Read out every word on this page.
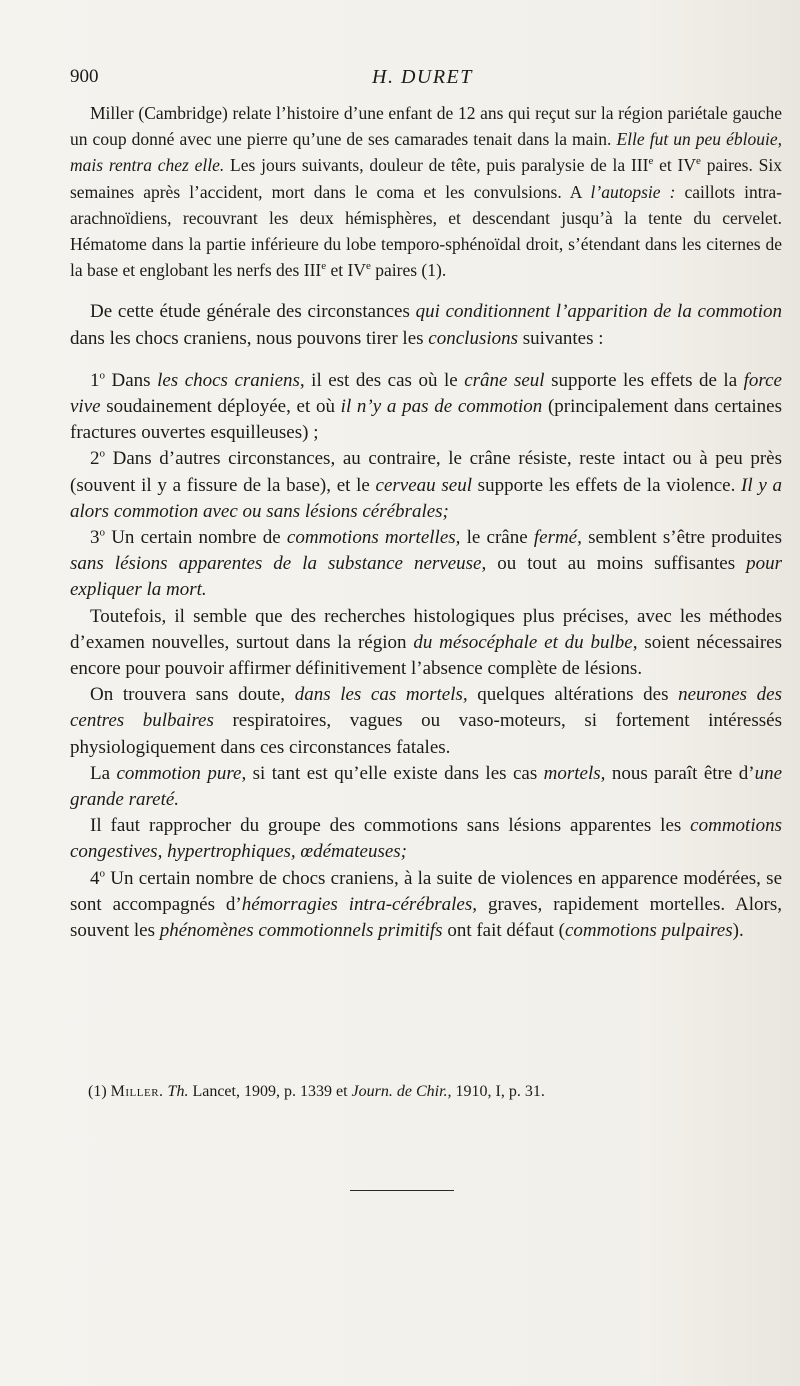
900	H. DURET

Miller (Cambridge) relate l’histoire d’une enfant de 12 ans qui reçut sur la région pariétale gauche un coup donné avec une pierre qu’une de ses camarades tenait dans la main. Elle fut un peu éblouie, mais rentra chez elle. Les jours suivants, douleur de tête, puis paralysie de la IIIe et IVe paires. Six semaines après l’accident, mort dans le coma et les convulsions. A l’autopsie : caillots intra-arachnoïdiens, recouvrant les deux hémisphères, et descendant jusqu’à la tente du cervelet. Hématome dans la partie inférieure du lobe temporo-sphénoïdal droit, s’étendant dans les citernes de la base et englobant les nerfs des IIIe et IVe paires (1).

De cette étude générale des circonstances qui conditionnent l’apparition de la commotion dans les chocs craniens, nous pouvons tirer les conclusions suivantes :

1$^o$ Dans les chocs craniens, il est des cas où le crâne seul supporte les effets de la force vive soudainement déployée, et où il n’y a pas de commotion (principalement dans certaines fractures ouvertes esquilleuses) ;

2$^o$ Dans d’autres circonstances, au contraire, le crâne résiste, reste intact ou à peu près (souvent il y a fissure de la base), et le cerveau seul supporte les effets de la violence. Il y a alors commotion avec ou sans lésions cérébrales;

3$^o$ Un certain nombre de commotions mortelles, le crâne fermé, semblent s’être produites sans lésions apparentes de la substance nerveuse, ou tout au moins suffisantes pour expliquer la mort.

Toutefois, il semble que des recherches histologiques plus précises, avec les méthodes d’examen nouvelles, surtout dans la région du mésocéphale et du bulbe, soient nécessaires encore pour pouvoir affirmer définitivement l’absence complète de lésions.

On trouvera sans doute, dans les cas mortels, quelques altérations des neurones des centres bulbaires respiratoires, vagues ou vaso-moteurs, si fortement intéressés physiologiquement dans ces circonstances fatales.

La commotion pure, si tant est qu’elle existe dans les cas mortels, nous paraît être d’une grande rareté.

Il faut rapprocher du groupe des commotions sans lésions apparentes les commotions congestives, hypertrophiques, œdémateuses;

4$^o$ Un certain nombre de chocs craniens, à la suite de violences en apparence modérées, se sont accompagnés d’hémorragies intra-cérébrales, graves, rapidement mortelles. Alors, souvent les phénomènes commotionnels primitifs ont fait défaut (commotions pulpaires).

(1) Miller. Th. Lancet, 1909, p. 1339 et Journ. de Chir., 1910, I, p. 31.
